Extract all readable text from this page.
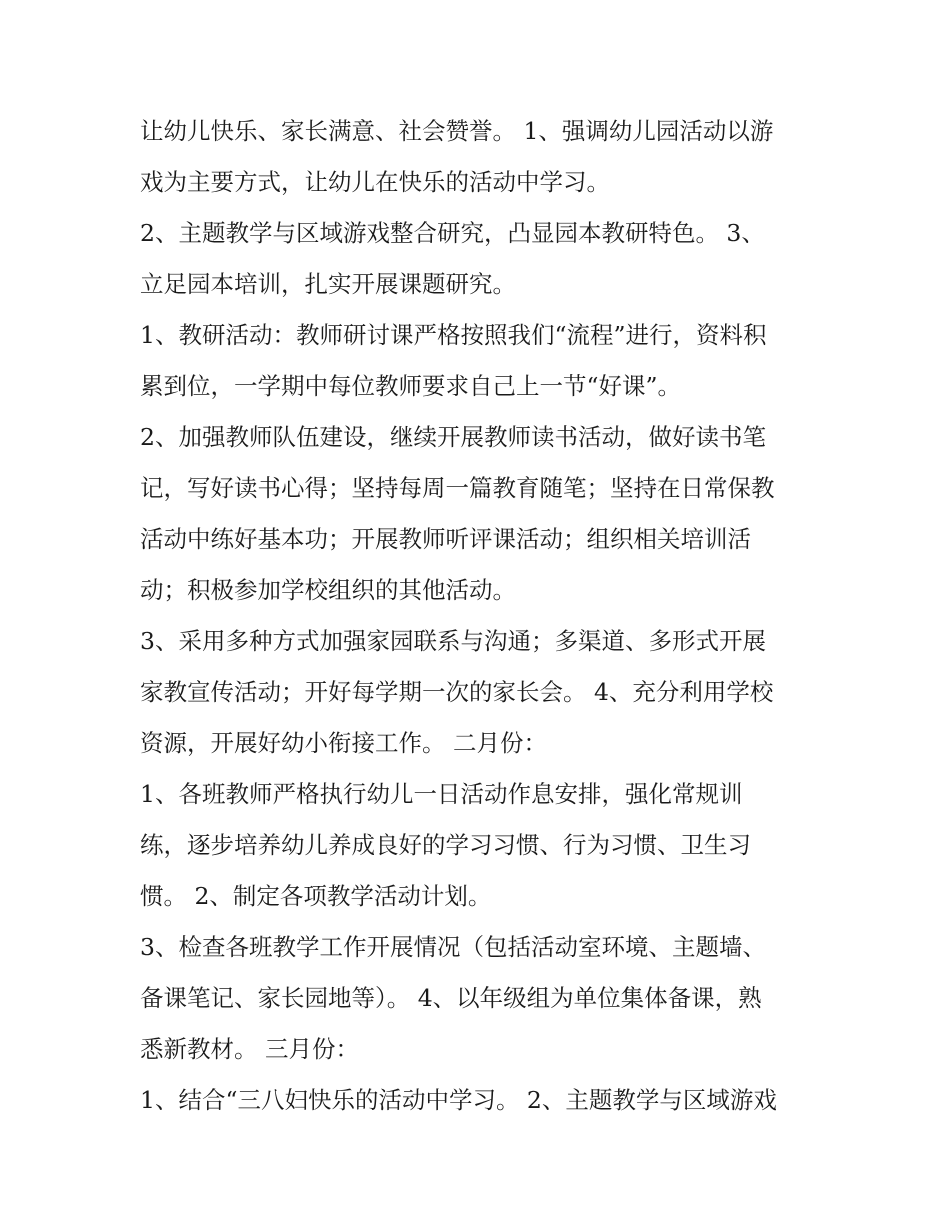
让幼儿快乐、家长满意、社会赞誉。 1、强调幼儿园活动以游
戏为主要方式，让幼儿在快乐的活动中学习。
2、主题教学与区域游戏整合研究，凸显园本教研特色。 3、
立足园本培训，扎实开展课题研究。
1、教研活动：教师研讨课严格按照我们“流程”进行，资料积
累到位，一学期中每位教师要求自己上一节“好课”。
2、加强教师队伍建设，继续开展教师读书活动，做好读书笔
记，写好读书心得；坚持每周一篇教育随笔；坚持在日常保教
活动中练好基本功；开展教师听评课活动；组织相关培训活
动；积极参加学校组织的其他活动。
3、采用多种方式加强家园联系与沟通；多渠道、多形式开展
家教宣传活动；开好每学期一次的家长会。 4、充分利用学校
资源，开展好幼小衔接工作。 二月份：
1、各班教师严格执行幼儿一日活动作息安排，强化常规训
练，逐步培养幼儿养成良好的学习习惯、行为习惯、卫生习
惯。 2、制定各项教学活动计划。
3、检查各班教学工作开展情况（包括活动室环境、主题墙、
备课笔记、家长园地等）。 4、以年级组为单位集体备课，熟
悉新教材。 三月份：
1、结合“三八妇快乐的活动中学习。 2、主题教学与区域游戏
